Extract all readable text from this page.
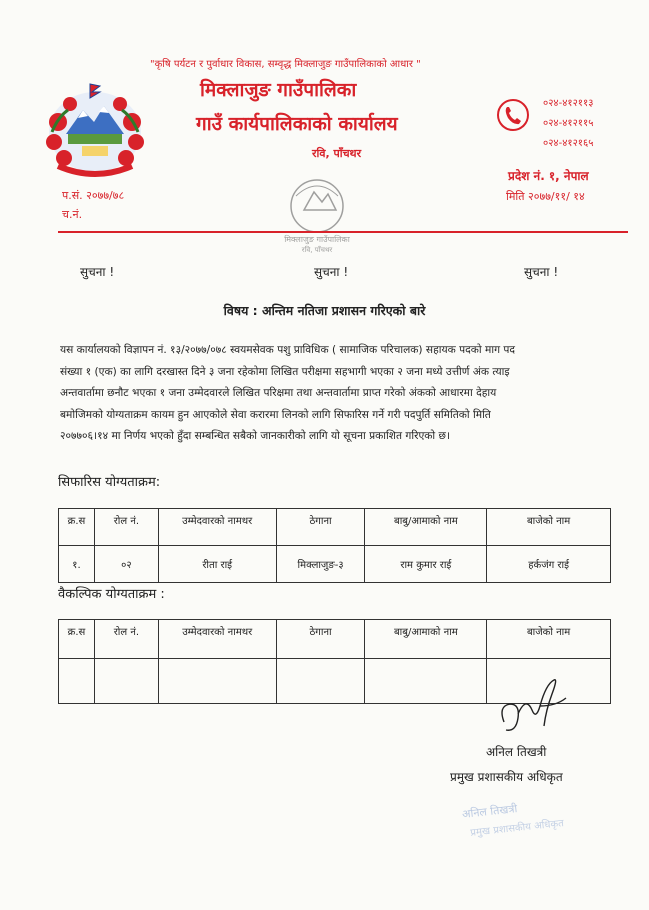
"कृषि पर्यटन र पुर्वाधार विकास, सम्वृद्ध मिक्लाजुङ गाउँपालिकाको आधार "
मिक्लाजुङ गाउँपालिका
गाउँ कार्यपालिकाको कार्यालय
रवि, पाँचथर
०२४-४१२११३
०२४-४१२११५
०२४-४१२१६५
प्रदेश नं. १, नेपाल
मिति २०७७/११/ १४
प.सं. २०७७/७८
च.नं.
मिक्लाजुङ गाउँपालिका
रवि, पाँचथर
सुचना !	सुचना !	सुचना !
विषय : अन्तिम नतिजा प्रशासन गरिएको बारे
यस कार्यालयको विज्ञापन नं. १३/२०७७/०७८ स्वयमसेवक पशु प्राविधिक ( सामाजिक परिचालक) सहायक पदको माग पद
संख्या १ (एक) का लागि दरखास्त दिने ३ जना रहेकोमा लिखित परीक्षमा सहभागी भएका २ जना मध्ये उत्तीर्ण अंक त्याइ
अन्तवार्तामा छनौट भएका १ जना उम्मेदवारले लिखित परिक्षमा तथा अन्तवार्तामा प्राप्त गरेको अंकको आधारमा देहाय
बमोजिमको योग्यताक्रम कायम हुन आएकोले सेवा करारमा लिनको लागि सिफारिस गर्ने गरी पदपुर्ति समितिको मिति
२०७७०६।१४ मा निर्णय भएको हुँदा सम्बन्धित सबैको जानकारीको लागि यो सूचना प्रकाशित गरिएको छ।
सिफारिस योग्यताक्रम:
क्र.स	रोल नं.	उम्मेदवारको नामथर	ठेगाना	बाबु/आमाको नाम	बाजेको नाम
१.	०२	रीता राई	मिक्लाजुङ-३	राम कुमार राई	हर्कजंग राई
वैकल्पिक योग्यताक्रम :
क्र.स	रोल नं.	उम्मेदवारको नामथर	ठेगाना	बाबु/आमाको नाम	बाजेको नाम

अनिल तिखत्री
प्रमुख प्रशासकीय अधिकृत
अनिल तिखत्री
प्रमुख प्रशासकीय अधिकृत
